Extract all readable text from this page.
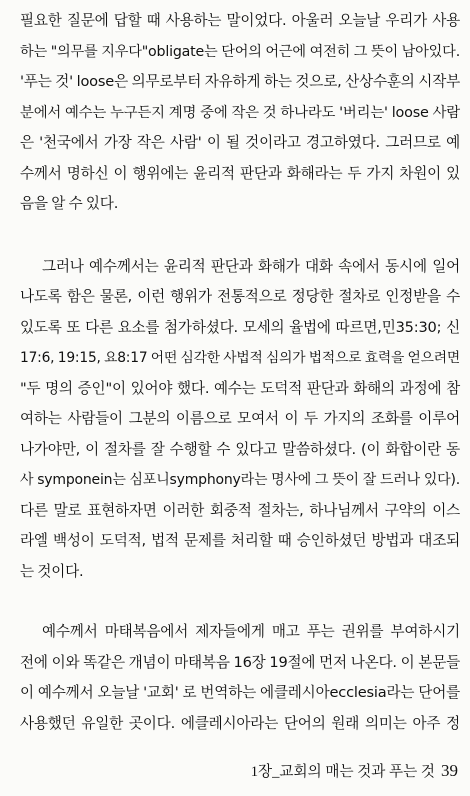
필요한 질문에 답할 때 사용하는 말이었다. 아울러 오늘날 우리가 사용
하는 "의무를 지우다"obligate는 단어의 어근에 여전히 그 뜻이 남아있다.
'푸는 것' loose은 의무로부터 자유하게 하는 것으로, 산상수훈의 시작부
분에서 예수는 누구든지 계명 중에 작은 것 하나라도 '버리는' loose 사람
은 '천국에서 가장 작은 사람' 이 될 것이라고 경고하였다. 그러므로 예
수께서 명하신 이 행위에는 윤리적 판단과 화해라는 두 가지 차원이 있
음을 알 수 있다.
그러나 예수께서는 윤리적 판단과 화해가 대화 속에서 동시에 일어
나도록 함은 물론, 이런 행위가 전통적으로 정당한 절차로 인정받을 수
있도록 또 다른 요소를 첨가하셨다. 모세의 율법에 따르면,민35:30; 신
17:6, 19:15, 요8:17 어떤 심각한 사법적 심의가 법적으로 효력을 얻으려면
"두 명의 증인"이 있어야 했다. 예수는 도덕적 판단과 화해의 과정에 참
여하는 사람들이 그분의 이름으로 모여서 이 두 가지의 조화를 이루어
나가야만, 이 절차를 잘 수행할 수 있다고 말씀하셨다. (이 화합이란 동
사 symponein는 심포니symphony라는 명사에 그 뜻이 잘 드러나 있다).
다른 말로 표현하자면 이러한 회중적 절차는, 하나님께서 구약의 이스
라엘 백성이 도덕적, 법적 문제를 처리할 때 승인하셨던 방법과 대조되
는 것이다.
예수께서 마태복음에서 제자들에게 매고 푸는 권위를 부여하시기
전에 이와 똑같은 개념이 마태복음 16장 19절에 먼저 나온다. 이 본문들
이 예수께서 오늘날 '교회' 로 번역하는 에클레시아ecclesia라는 단어를
사용했던 유일한 곳이다. 에클레시아라는 단어의 원래 의미는 아주 정
1장_교회의 매는 것과 푸는 것 39
